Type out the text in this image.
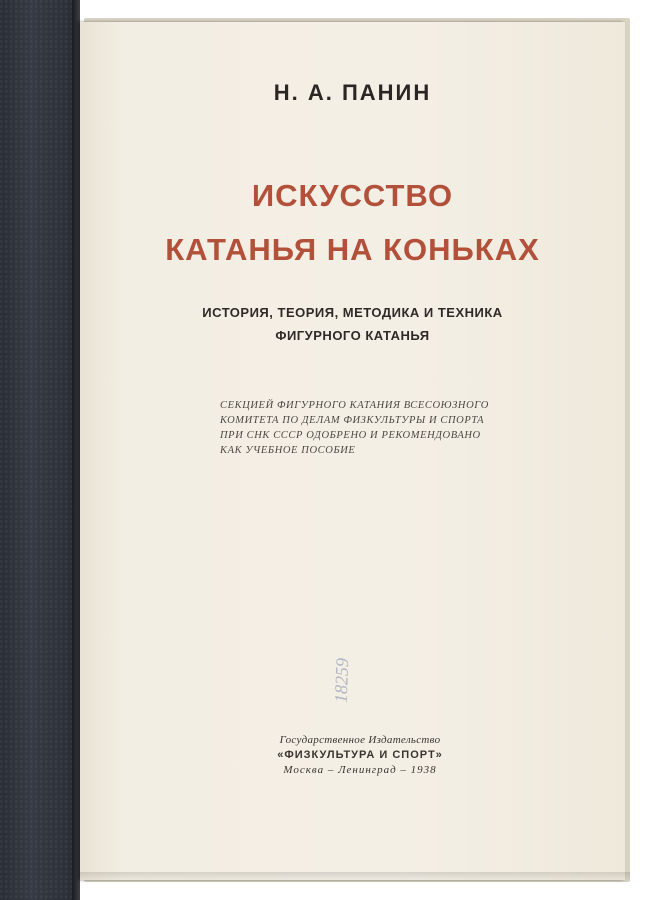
Н. А. ПАНИН
ИСКУССТВО
КАТАНЬЯ НА КОНЬКАХ
ИСТОРИЯ, ТЕОРИЯ, МЕТОДИКА И ТЕХНИКА
ФИГУРНОГО КАТАНЬЯ
СЕКЦИЕЙ ФИГУРНОГО КАТАНИЯ ВСЕСОЮЗНОГО
КОМИТЕТА ПО ДЕЛАМ ФИЗКУЛЬТУРЫ И СПОРТА
ПРИ СНК СССР ОДОБРЕНО И РЕКОМЕНДОВАНО
КАК УЧЕБНОЕ ПОСОБИЕ
18259
Государственное Издательство
«ФИЗКУЛЬТУРА И СПОРТ»
Москва – Ленинград – 1938
